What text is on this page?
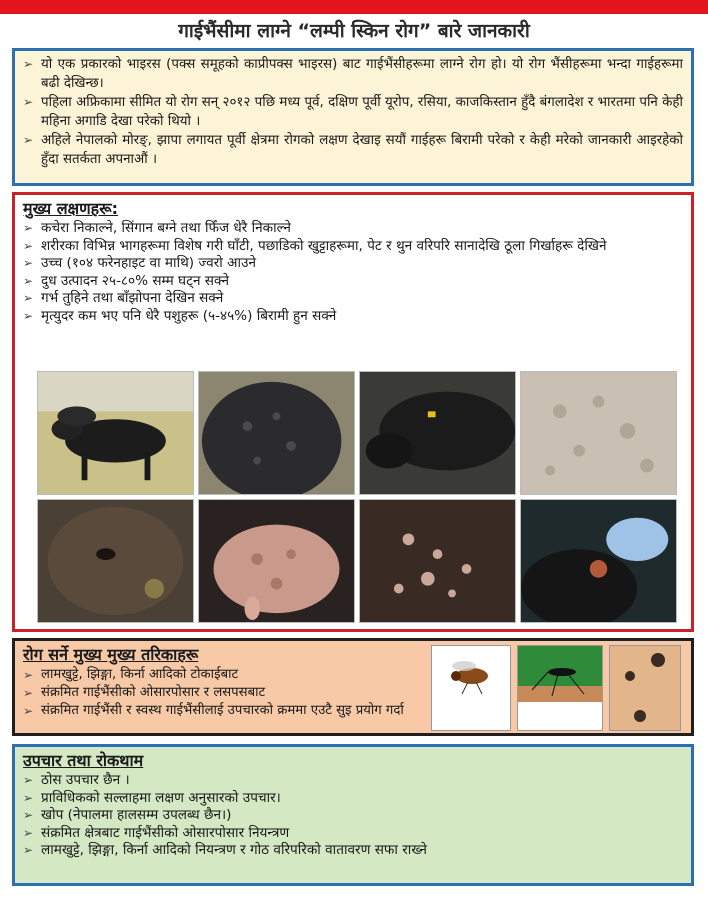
गाईभैंसीमा लाग्ने “लम्पी स्किन रोग” बारे जानकारी
➢ यो एक प्रकारको भाइरस (पक्स समूहको काप्रीपक्स भाइरस) बाट गाईभैंसीहरूमा लाग्ने रोग हो। यो रोग भैंसीहरूमा भन्दा गाईहरूमा बढी देखिन्छ।
➢ पहिला अफ्रिकामा सीमित यो रोग सन् २०१२ पछि मध्य पूर्व, दक्षिण पूर्वी यूरोप, रसिया, काजकिस्तान हुँदै बंगलादेश र भारतमा पनि केही महिना अगाडि देखा परेको थियो ।
➢ अहिले नेपालको मोरङ्, झापा लगायत पूर्वी क्षेत्रमा रोगको लक्षण देखाइ सयौं गाईहरू बिरामी परेको र केही मरेको जानकारी आइरहेको हुँदा सतर्कता अपनाऔं ।
मुख्य लक्षणहरू:
➢ कचेरा निकाल्ने, सिंगान बग्ने तथा फिँज धेरै निकाल्ने
➢ शरीरका विभिन्न भागहरूमा विशेष गरी घाँटी, पछाडिको खुट्टाहरूमा, पेट र थुन वरिपरि सानादेखि ठूला गिर्खाहरू देखिने
➢ उच्च (१०४ फरेनहाइट वा माथि) ज्वरो आउने
➢ दुध उत्पादन २५-८०% सम्म घट्न सक्ने
➢ गर्भ तुहिने तथा बाँझोपना देखिन सक्ने
➢ मृत्युदर कम भए पनि धेरै पशुहरू (५-४५%) बिरामी हुन सक्ने
रोग सर्ने मुख्य मुख्य तरिकाहरू
➢ लामखुट्टे, झिङ्गा, किर्ना आदिको टोकाईबाट
➢ संक्रमित गाईभैंसीको ओसारपोसार र लसपसबाट
➢ संक्रमित गाईभैंसी र स्वस्थ गाईभैंसीलाई उपचारको क्रममा एउटै सुइ प्रयोग गर्दा
उपचार तथा रोकथाम
➢ ठोस उपचार छैन ।
➢ प्राविधिकको सल्लाहमा लक्षण अनुसारको उपचार।
➢ खोप (नेपालमा हालसम्म उपलब्ध छैन।)
➢ संक्रमित क्षेत्रबाट गाईभैंसीको ओसारपोसार नियन्त्रण
➢ लामखुट्टे, झिङ्गा, किर्ना आदिको नियन्त्रण र गोठ वरिपरिको वातावरण सफा राख्ने
